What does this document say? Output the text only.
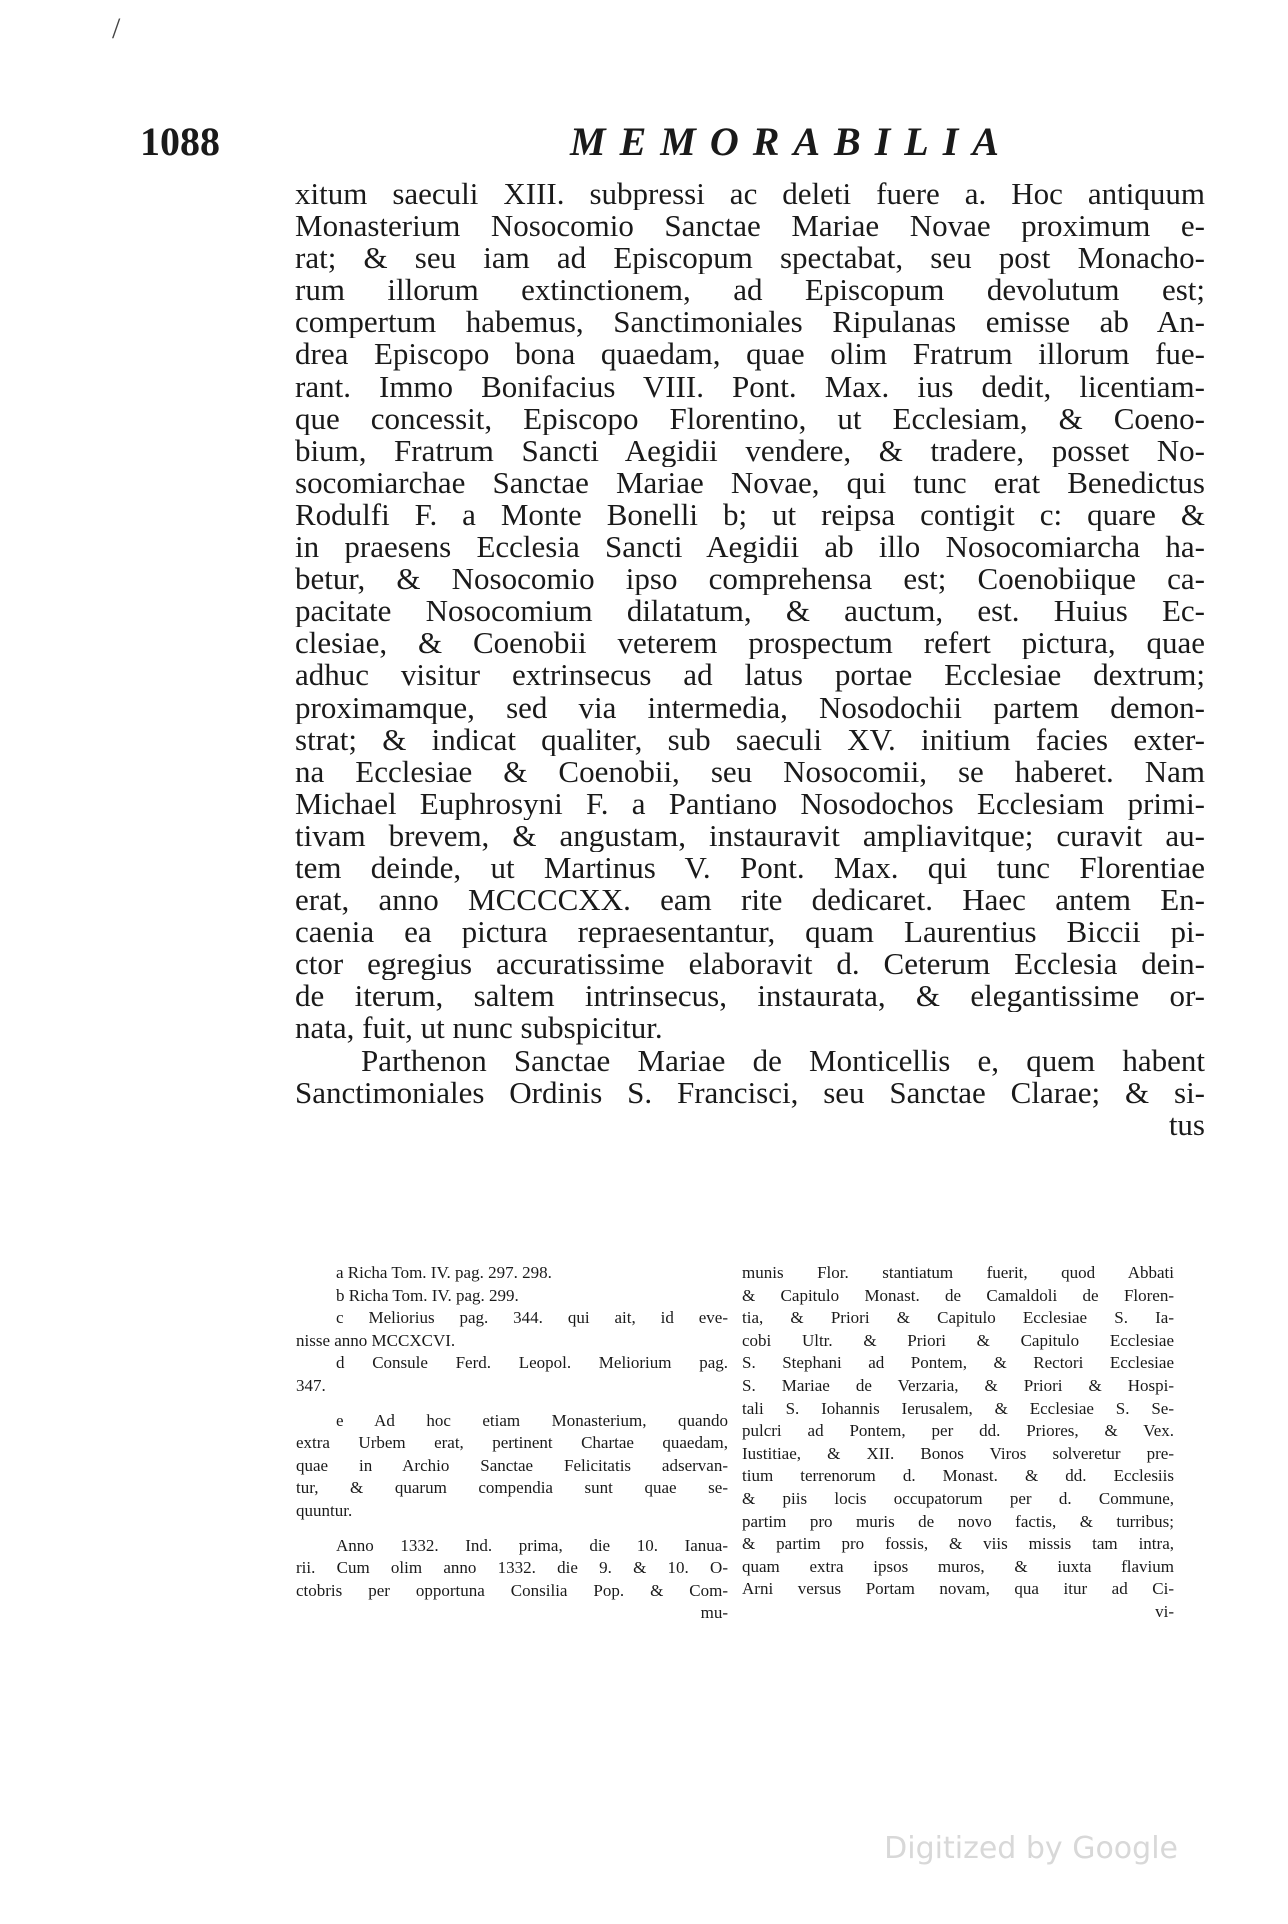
/
1088	MEMORABILIA
xitum saeculi XIII. subpressi ac deleti fuere a. Hoc antiquum
Monasterium Nosocomio Sanctae Mariae Novae proximum e-
rat; & seu iam ad Episcopum spectabat, seu post Monacho-
rum illorum extinctionem, ad Episcopum devolutum est;
compertum habemus, Sanctimoniales Ripulanas emisse ab An-
drea Episcopo bona quaedam, quae olim Fratrum illorum fue-
rant. Immo Bonifacius VIII. Pont. Max. ius dedit, licentiam-
que concessit, Episcopo Florentino, ut Ecclesiam, & Coeno-
bium, Fratrum Sancti Aegidii vendere, & tradere, posset No-
socomiarchae Sanctae Mariae Novae, qui tunc erat Benedictus
Rodulfi F. a Monte Bonelli b; ut reipsa contigit c: quare &
in praesens Ecclesia Sancti Aegidii ab illo Nosocomiarcha ha-
betur, & Nosocomio ipso comprehensa est; Coenobiique ca-
pacitate Nosocomium dilatatum, & auctum, est. Huius Ec-
clesiae, & Coenobii veterem prospectum refert pictura, quae
adhuc visitur extrinsecus ad latus portae Ecclesiae dextrum;
proximamque, sed via intermedia, Nosodochii partem demon-
strat; & indicat qualiter, sub saeculi XV. initium facies exter-
na Ecclesiae & Coenobii, seu Nosocomii, se haberet. Nam
Michael Euphrosyni F. a Pantiano Nosodochos Ecclesiam primi-
tivam brevem, & angustam, instauravit ampliavitque; curavit au-
tem deinde, ut Martinus V. Pont. Max. qui tunc Florentiae
erat, anno MCCCCXX. eam rite dedicaret. Haec antem En-
caenia ea pictura repraesentantur, quam Laurentius Biccii pi-
ctor egregius accuratissime elaboravit d. Ceterum Ecclesia dein-
de iterum, saltem intrinsecus, instaurata, & elegantissime or-
nata, fuit, ut nunc subspicitur.
Parthenon Sanctae Mariae de Monticellis e, quem habent
Sanctimoniales Ordinis S. Francisci, seu Sanctae Clarae; & si-
tus
a Richa Tom. IV. pag. 297. 298.
b Richa Tom. IV. pag. 299.
c Meliorius pag. 344. qui ait, id eve-
nisse anno MCCXCVI.
d Consule Ferd. Leopol. Meliorium pag.
347.
e Ad hoc etiam Monasterium, quando
extra Urbem erat, pertinent Chartae quaedam,
quae in Archio Sanctae Felicitatis adservan-
tur, & quarum compendia sunt quae se-
quuntur.
Anno 1332. Ind. prima, die 10. Ianua-
rii. Cum olim anno 1332. die 9. & 10. O-
ctobris per opportuna Consilia Pop. & Com-
mu-
munis Flor. stantiatum fuerit, quod Abbati
& Capitulo Monast. de Camaldoli de Floren-
tia, & Priori & Capitulo Ecclesiae S. Ia-
cobi Ultr. & Priori & Capitulo Ecclesiae
S. Stephani ad Pontem, & Rectori Ecclesiae
S. Mariae de Verzaria, & Priori & Hospi-
tali S. Iohannis Ierusalem, & Ecclesiae S. Se-
pulcri ad Pontem, per dd. Priores, & Vex.
Iustitiae, & XII. Bonos Viros solveretur pre-
tium terrenorum d. Monast. & dd. Ecclesiis
& piis locis occupatorum per d. Commune,
partim pro muris de novo factis, & turribus;
& partim pro fossis, & viis missis tam intra,
quam extra ipsos muros, & iuxta flavium
Arni versus Portam novam, qua itur ad Ci-
vi-
Digitized by Google
